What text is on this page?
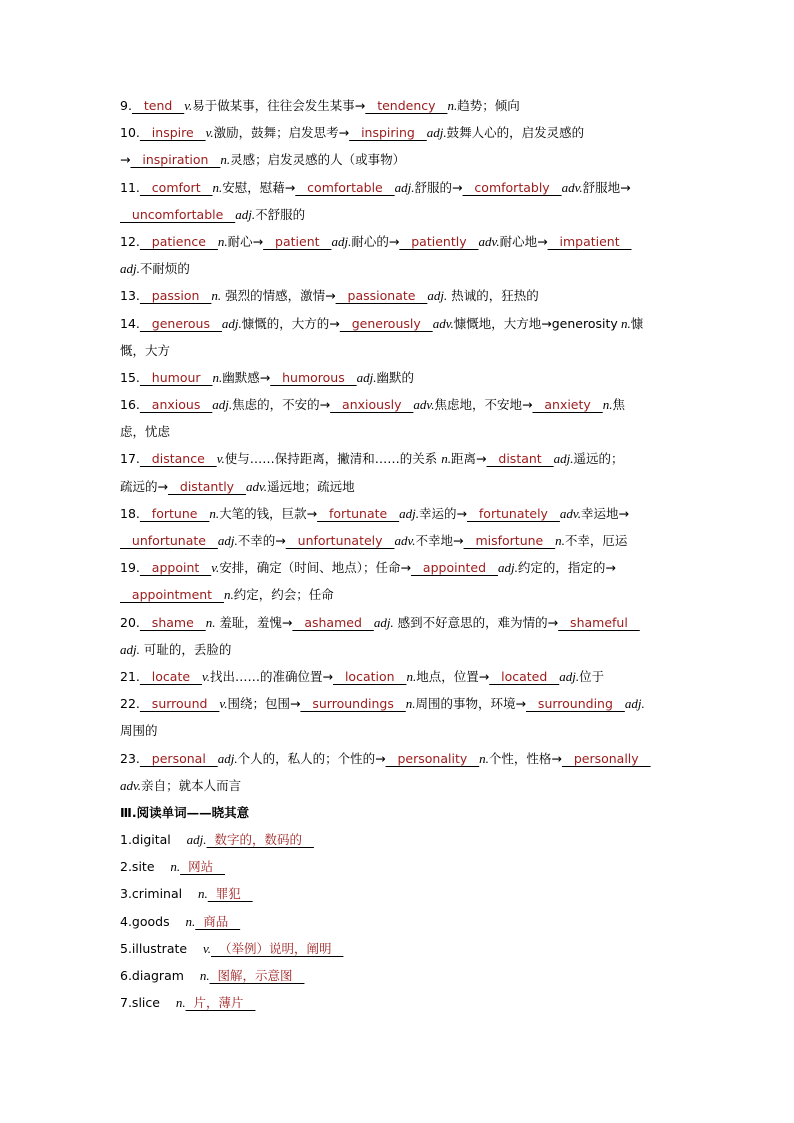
9.   tend   v.易于做某事，往往会发生某事→   tendency   n.趋势；倾向
10.   inspire   v.激励，鼓舞；启发思考→   inspiring   adj.鼓舞人心的，启发灵感的
→   inspiration   n.灵感；启发灵感的人（或事物）
11.   comfort   n.安慰，慰藉→   comfortable   adj.舒服的→   comfortably   adv.舒服地→
uncomfortable   adj.不舒服的
12.   patience   n.耐心→   patient   adj.耐心的→   patiently   adv.耐心地→   impatient
adj.不耐烦的
13.   passion   n. 强烈的情感，激情→   passionate   adj. 热诚的，狂热的
14.   generous   adj.慷慨的，大方的→   generously   adv.慷慨地，大方地→generosity n.慷
慨，大方
15.   humour   n.幽默感→   humorous   adj.幽默的
16.   anxious   adj.焦虑的，不安的→   anxiously   adv.焦虑地，不安地→   anxiety   n.焦
虑，忧虑
17.   distance   v.使与……保持距离，撇清和……的关系 n.距离→   distant   adj.遥远的；
疏远的→   distantly   adv.遥远地；疏远地
18.   fortune   n.大笔的钱，巨款→   fortunate   adj.幸运的→   fortunately   adv.幸运地→
unfortunate   adj.不幸的→   unfortunately   adv.不幸地→   misfortune   n.不幸，厄运
19.   appoint   v.安排，确定（时间、地点）；任命→   appointed   adj.约定的，指定的→
appointment   n.约定，约会；任命
20.   shame   n. 羞耻，羞愧→   ashamed   adj. 感到不好意思的，难为情的→   shameful
adj. 可耻的，丢脸的
21.   locate   v.找出……的准确位置→   location   n.地点，位置→   located   adj.位于
22.   surround   v.围绕；包围→   surroundings   n.周围的事物，环境→   surrounding   adj.
周围的
23.   personal   adj.个人的，私人的；个性的→   personality   n.个性，性格→   personally
adv.亲自；就本人而言
Ⅲ.阅读单词——晓其意
1.digital    adj.  数字的，数码的
2.site    n.  网站
3.criminal    n.  罪犯
4.goods    n.  商品
5.illustrate    v.  （举例）说明，阐明
6.diagram    n.  图解，示意图
7.slice    n.  片，薄片
